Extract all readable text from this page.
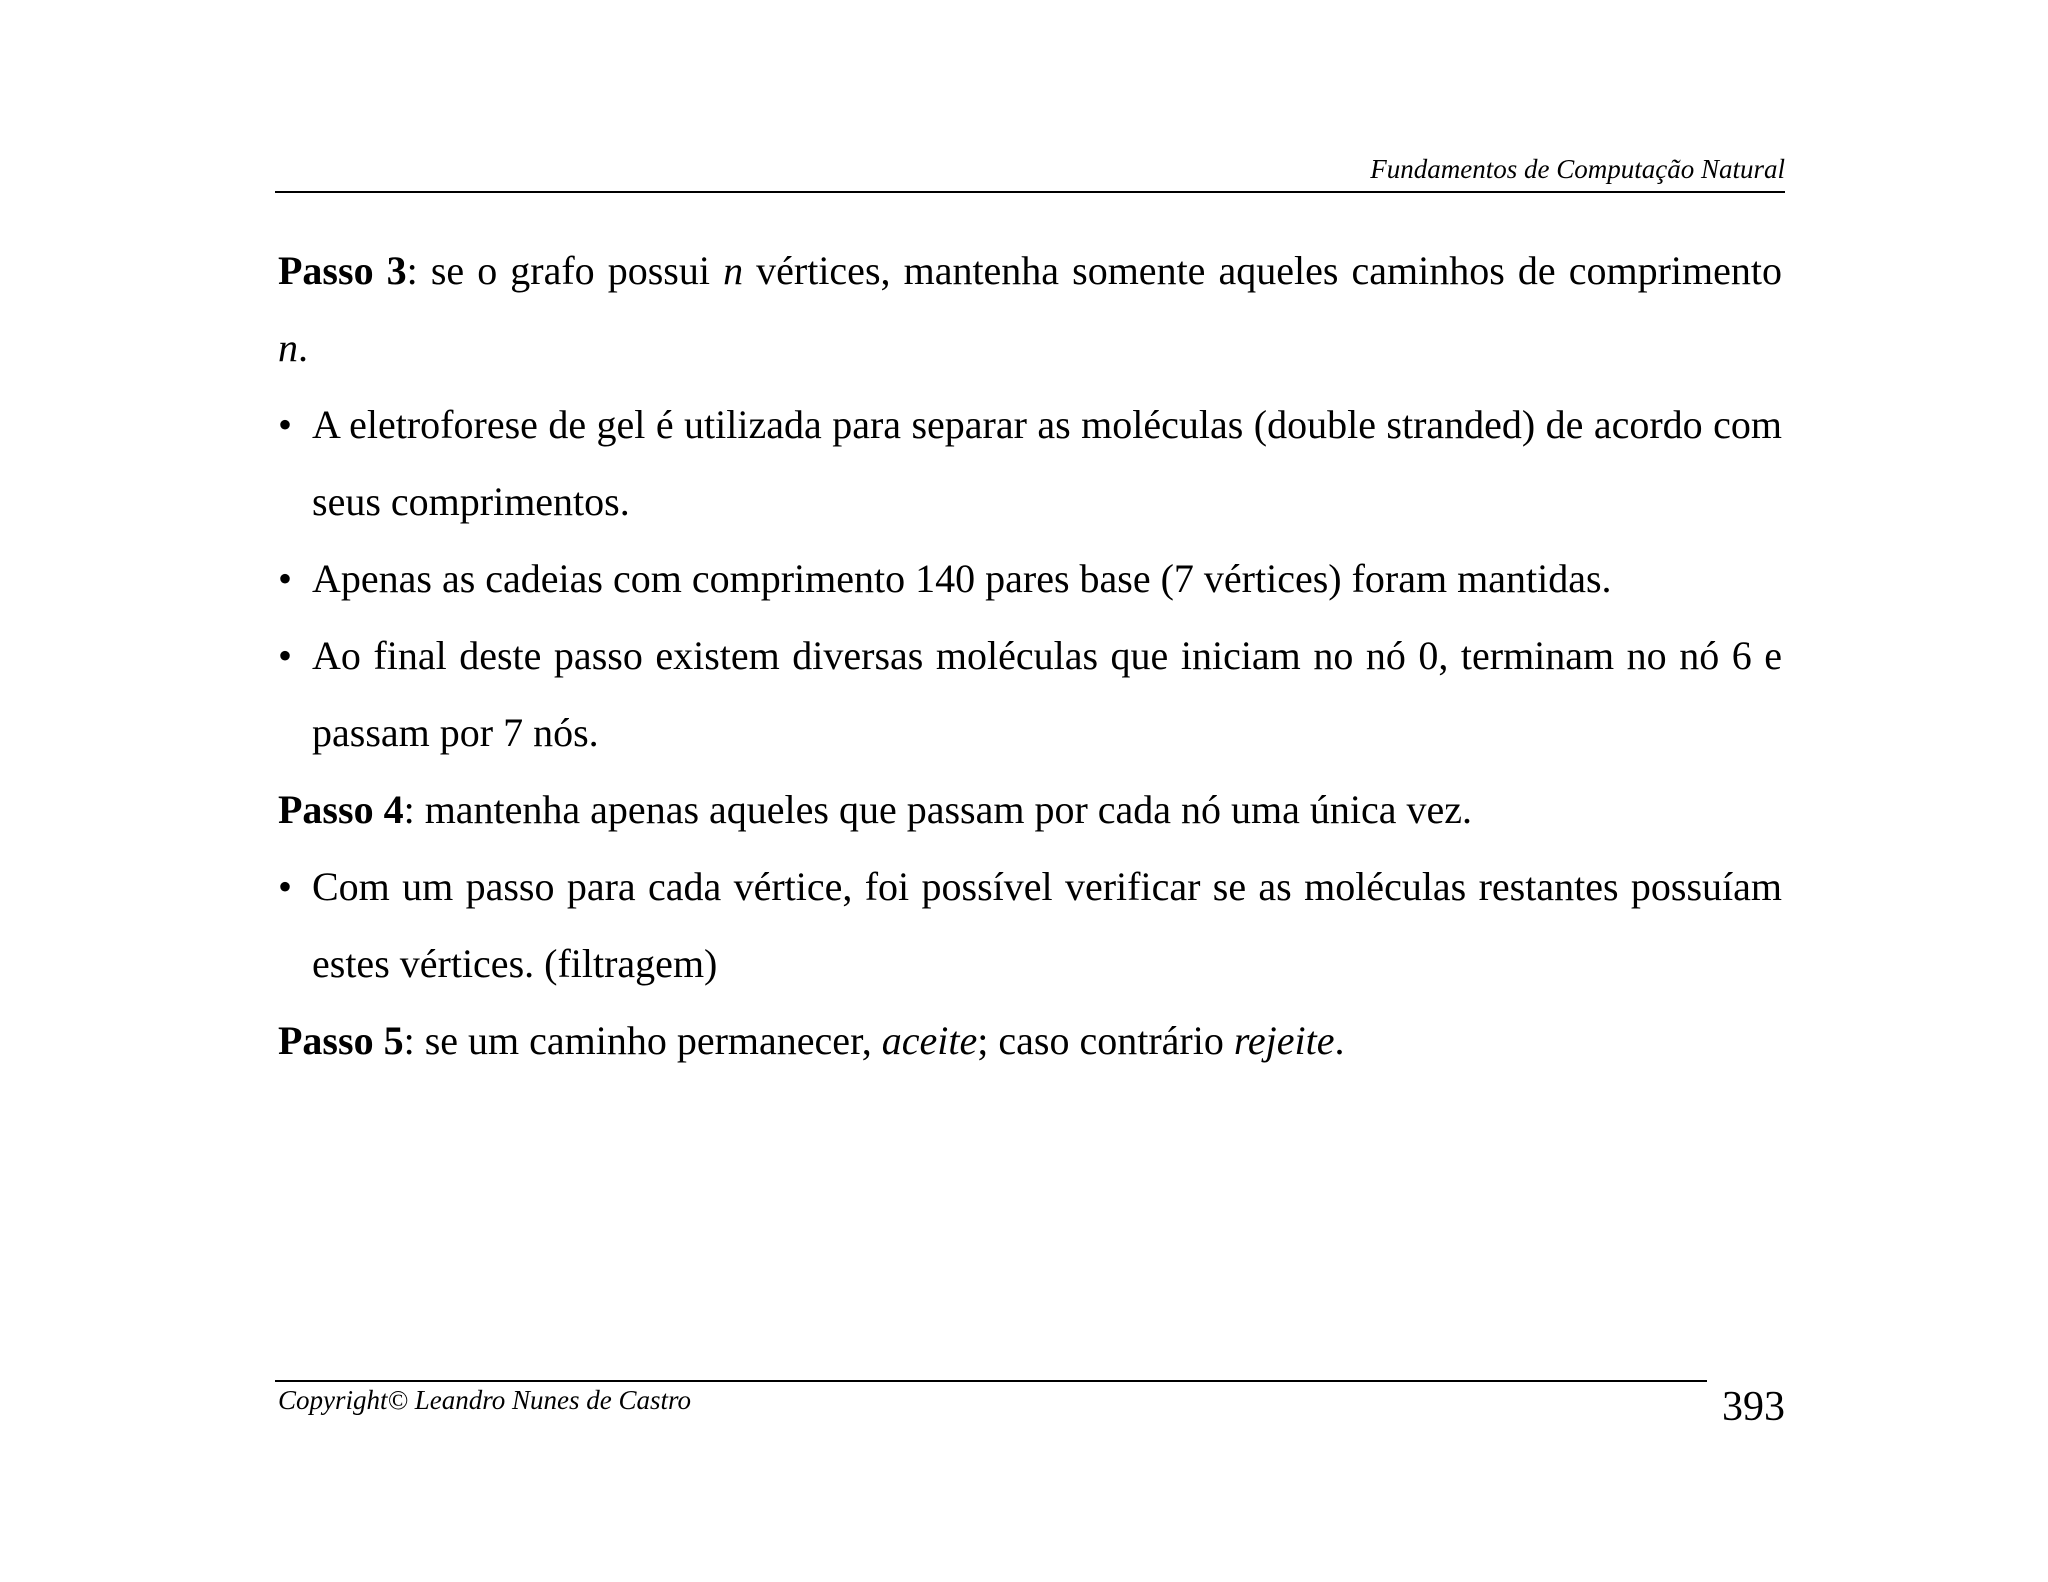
Fundamentos de Computação Natural

Passo 3: se o grafo possui n vértices, mantenha somente aqueles caminhos de comprimento n.

• A eletroforese de gel é utilizada para separar as moléculas (double stranded) de acordo com seus comprimentos.

• Apenas as cadeias com comprimento 140 pares base (7 vértices) foram mantidas.

• Ao final deste passo existem diversas moléculas que iniciam no nó 0, terminam no nó 6 e passam por 7 nós.

Passo 4: mantenha apenas aqueles que passam por cada nó uma única vez.

• Com um passo para cada vértice, foi possível verificar se as moléculas restantes possuíam estes vértices. (filtragem)

Passo 5: se um caminho permanecer, aceite; caso contrário rejeite.

Copyright© Leandro Nunes de Castro	393
